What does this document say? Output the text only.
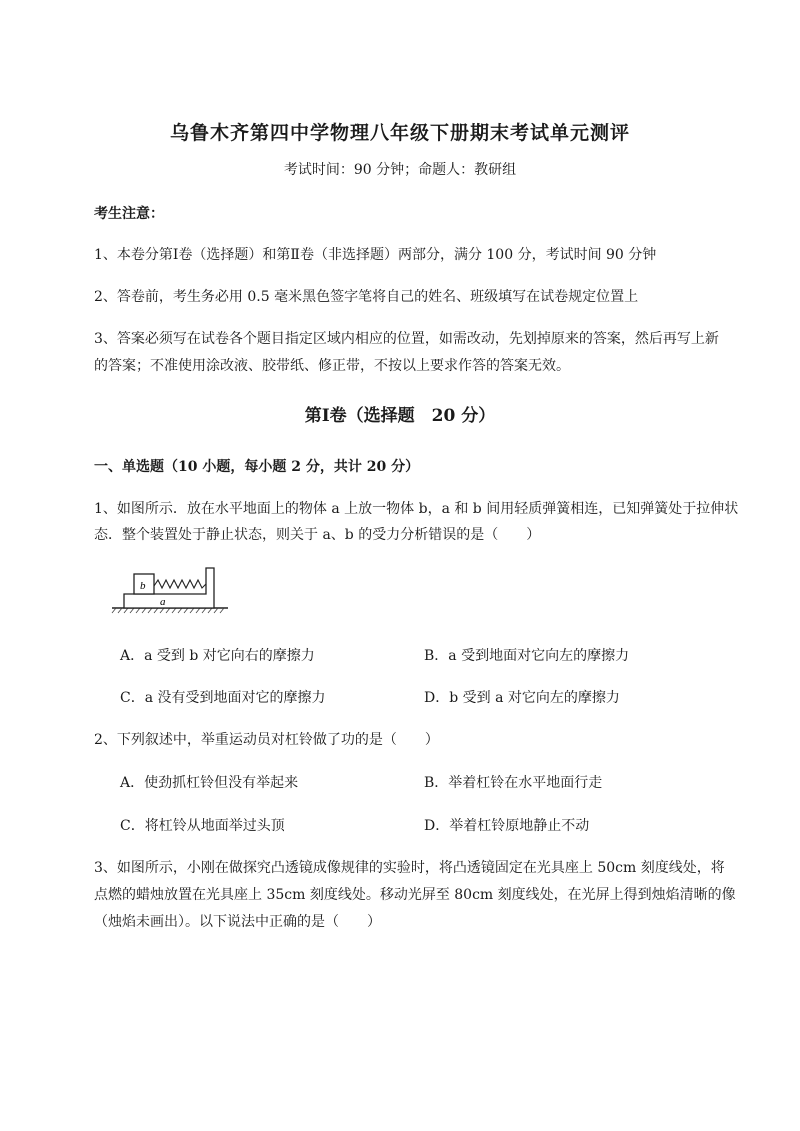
乌鲁木齐第四中学物理八年级下册期末考试单元测评
考试时间：90 分钟；命题人：教研组
考生注意：
1、本卷分第Ⅰ卷（选择题）和第Ⅱ卷（非选择题）两部分，满分 100 分，考试时间 90 分钟
2、答卷前，考生务必用 0.5 毫米黑色签字笔将自己的姓名、班级填写在试卷规定位置上
3、答案必须写在试卷各个题目指定区域内相应的位置，如需改动，先划掉原来的答案，然后再写上新
的答案；不准使用涂改液、胶带纸、修正带，不按以上要求作答的答案无效。
第Ⅰ卷（选择题　20 分）
一、单选题（10 小题，每小题 2 分，共计 20 分）
1、如图所示．放在水平地面上的物体 a 上放一物体 b，a 和 b 间用轻质弹簧相连，已知弹簧处于拉伸状
态．整个装置处于静止状态，则关于 a、b 的受力分析错误的是（　　）
b
a
A．a 受到 b 对它向右的摩擦力	B．a 受到地面对它向左的摩擦力
C．a 没有受到地面对它的摩擦力	D．b 受到 a 对它向左的摩擦力
2、下列叙述中，举重运动员对杠铃做了功的是（　　）
A．使劲抓杠铃但没有举起来	B．举着杠铃在水平地面行走
C．将杠铃从地面举过头顶	D．举着杠铃原地静止不动
3、如图所示，小刚在做探究凸透镜成像规律的实验时，将凸透镜固定在光具座上 50cm 刻度线处，将
点燃的蜡烛放置在光具座上 35cm 刻度线处。移动光屏至 80cm 刻度线处，在光屏上得到烛焰清晰的像
（烛焰未画出）。以下说法中正确的是（　　）
